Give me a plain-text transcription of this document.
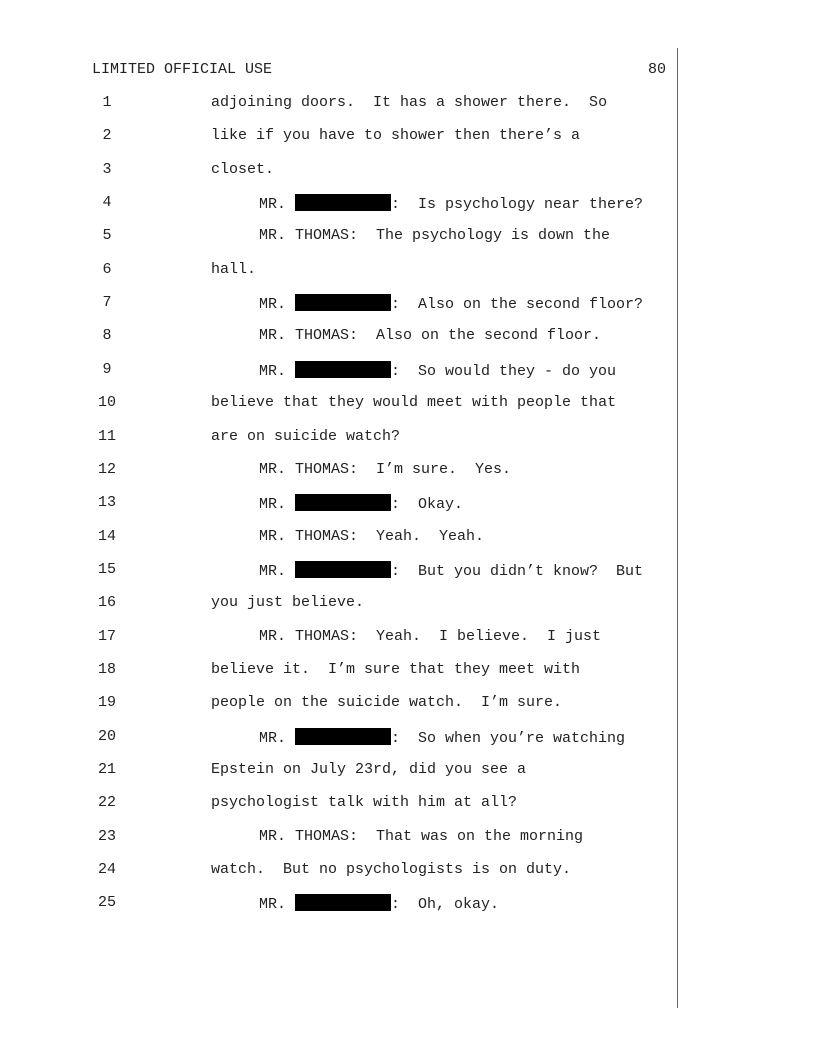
LIMITED OFFICIAL USE	80
1	adjoining doors.  It has a shower there.  So
2	like if you have to shower then there’s a
3	closet.
4	MR.	:  Is psychology near there?
5	MR. THOMAS:  The psychology is down the
6	hall.
7	MR.	:  Also on the second floor?
8	MR. THOMAS:  Also on the second floor.
9	MR.	:  So would they - do you
10	believe that they would meet with people that
11	are on suicide watch?
12	MR. THOMAS:  I’m sure.  Yes.
13	MR.	:  Okay.
14	MR. THOMAS:  Yeah.  Yeah.
15	MR.	:  But you didn’t know?  But
16	you just believe.
17	MR. THOMAS:  Yeah.  I believe.  I just
18	believe it.  I’m sure that they meet with
19	people on the suicide watch.  I’m sure.
20	MR.	:  So when you’re watching
21	Epstein on July 23rd, did you see a
22	psychologist talk with him at all?
23	MR. THOMAS:  That was on the morning
24	watch.  But no psychologists is on duty.
25	MR.	:  Oh, okay.
